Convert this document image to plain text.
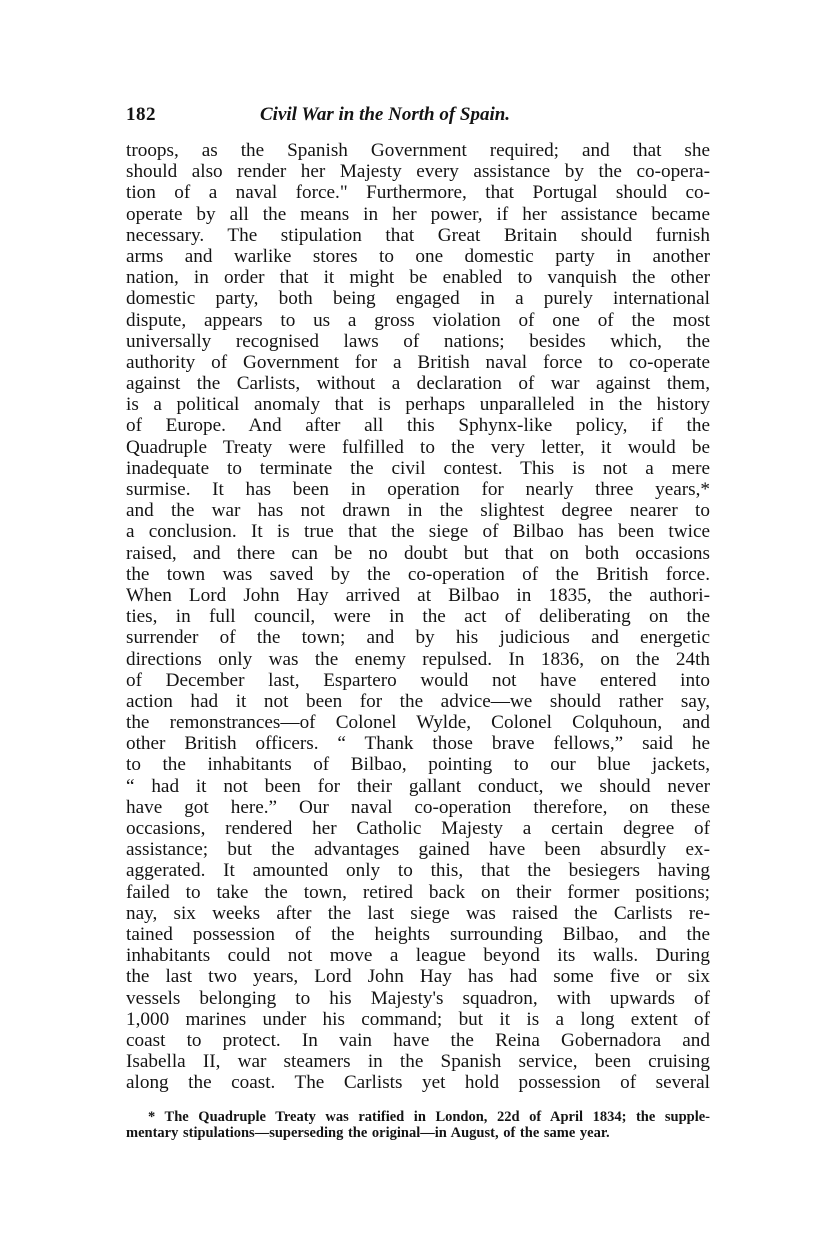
182	Civil War in the North of Spain.
troops, as the Spanish Government required; and that she
should also render her Majesty every assistance by the co-opera-
tion of a naval force." Furthermore, that Portugal should co-
operate by all the means in her power, if her assistance became
necessary. The stipulation that Great Britain should furnish
arms and warlike stores to one domestic party in another
nation, in order that it might be enabled to vanquish the other
domestic party, both being engaged in a purely international
dispute, appears to us a gross violation of one of the most
universally recognised laws of nations; besides which, the
authority of Government for a British naval force to co-operate
against the Carlists, without a declaration of war against them,
is a political anomaly that is perhaps unparalleled in the history
of Europe. And after all this Sphynx-like policy, if the
Quadruple Treaty were fulfilled to the very letter, it would be
inadequate to terminate the civil contest. This is not a mere
surmise. It has been in operation for nearly three years,*
and the war has not drawn in the slightest degree nearer to
a conclusion. It is true that the siege of Bilbao has been twice
raised, and there can be no doubt but that on both occasions
the town was saved by the co-operation of the British force.
When Lord John Hay arrived at Bilbao in 1835, the authori-
ties, in full council, were in the act of deliberating on the
surrender of the town; and by his judicious and energetic
directions only was the enemy repulsed. In 1836, on the 24th
of December last, Espartero would not have entered into
action had it not been for the advice—we should rather say,
the remonstrances—of Colonel Wylde, Colonel Colquhoun, and
other British officers. “ Thank those brave fellows,” said he
to the inhabitants of Bilbao, pointing to our blue jackets,
“ had it not been for their gallant conduct, we should never
have got here.” Our naval co-operation therefore, on these
occasions, rendered her Catholic Majesty a certain degree of
assistance; but the advantages gained have been absurdly ex-
aggerated. It amounted only to this, that the besiegers having
failed to take the town, retired back on their former positions;
nay, six weeks after the last siege was raised the Carlists re-
tained possession of the heights surrounding Bilbao, and the
inhabitants could not move a league beyond its walls. During
the last two years, Lord John Hay has had some five or six
vessels belonging to his Majesty's squadron, with upwards of
1,000 marines under his command; but it is a long extent of
coast to protect. In vain have the Reina Gobernadora and
Isabella II, war steamers in the Spanish service, been cruising
along the coast. The Carlists yet hold possession of several
* The Quadruple Treaty was ratified in London, 22d of April 1834; the supple-
mentary stipulations—superseding the original—in August, of the same year.
